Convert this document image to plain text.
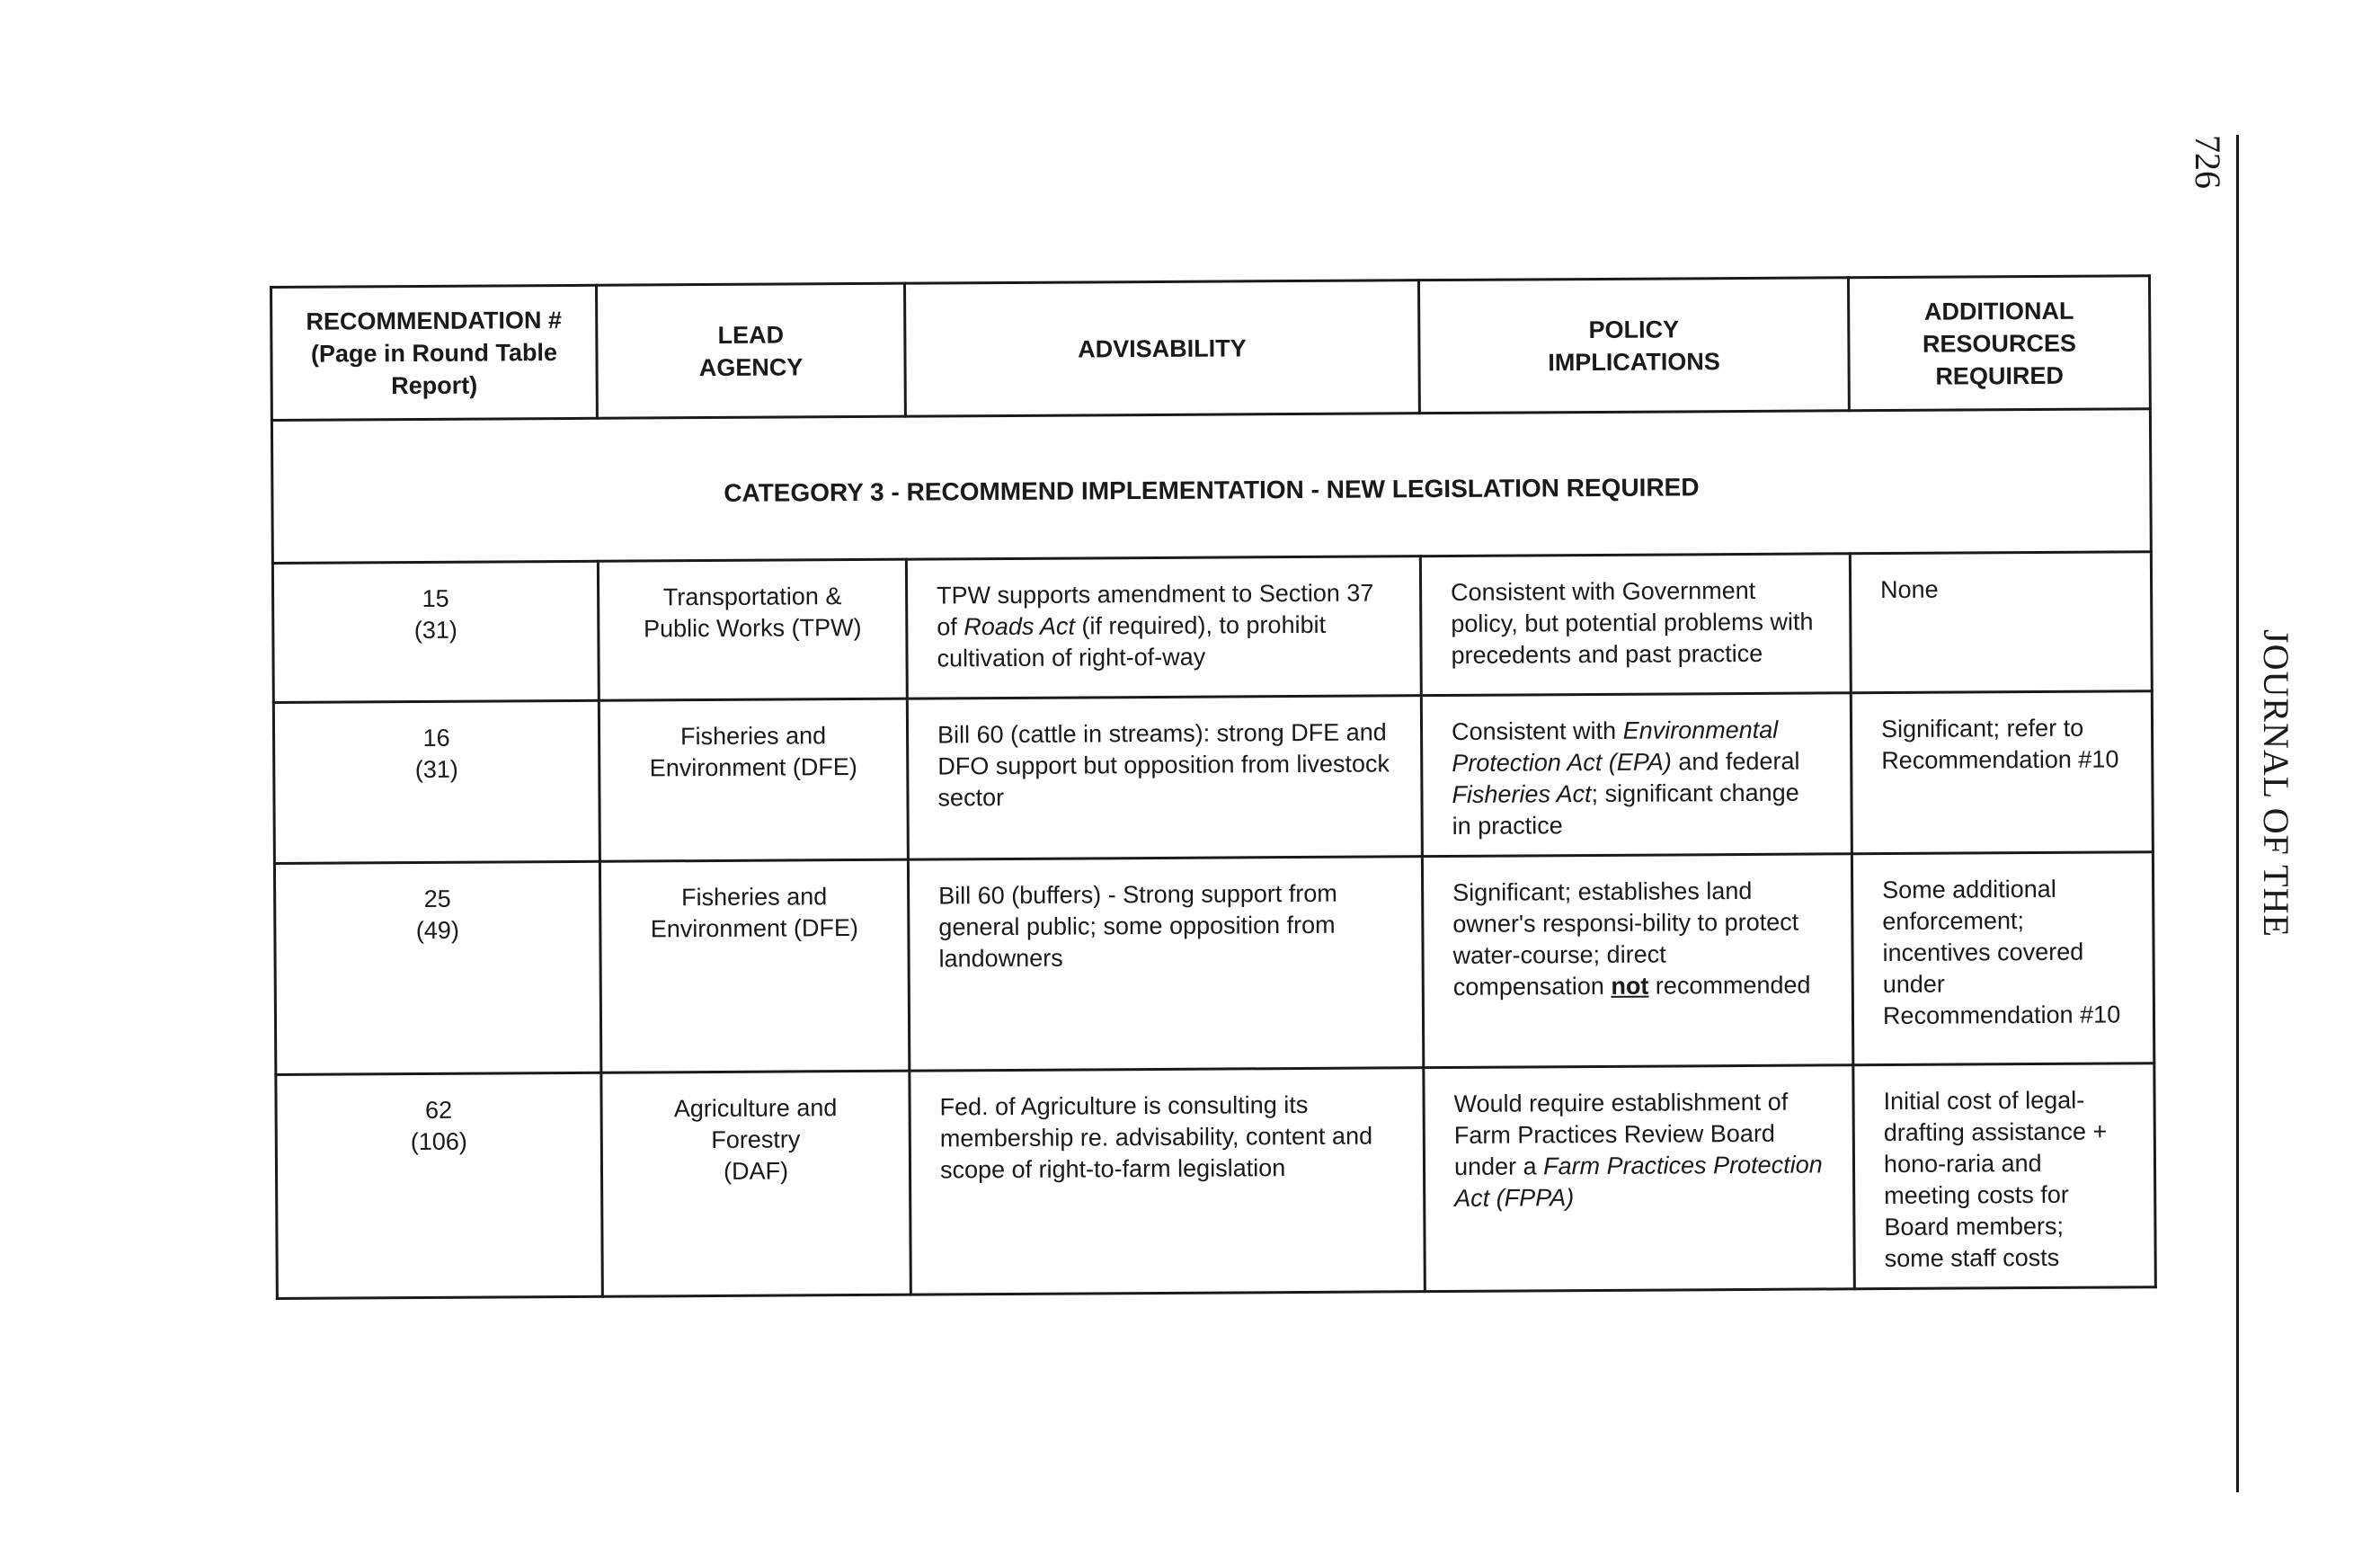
RECOMMENDATION #
(Page in Round Table
Report)	LEAD
AGENCY	ADVISABILITY	POLICY
IMPLICATIONS	ADDITIONAL
RESOURCES
REQUIRED

CATEGORY 3 - RECOMMEND IMPLEMENTATION - NEW LEGISLATION REQUIRED				

15
(31)	Transportation &
Public Works (TPW)	TPW supports amendment to Section 37 of Roads Act (if required), to prohibit cultivation of right-of-way	Consistent with Government policy, but potential problems with precedents and past practice	None

16
(31)	Fisheries and
Environment (DFE)	Bill 60 (cattle in streams): strong DFE and DFO support but opposition from livestock sector	Consistent with Environmental Protection Act (EPA) and federal Fisheries Act; significant change in practice	Significant; refer to Recommendation #10

25
(49)	Fisheries and
Environment (DFE)	Bill 60 (buffers) - Strong support from general public; some opposition from landowners	Significant; establishes land owner's responsi-bility to protect water-course; direct compensation not recommended	Some additional enforcement; incentives covered under Recommendation #10

62
(106)	Agriculture and
Forestry
(DAF)	Fed. of Agriculture is consulting its membership re. advisability, content and scope of right-to-farm legislation	Would require establishment of Farm Practices Review Board under a Farm Practices Protection Act (FPPA)	Initial cost of legal-drafting assistance + hono-raria and meeting costs for Board members; some staff costs
726
JOURNAL OF THE
